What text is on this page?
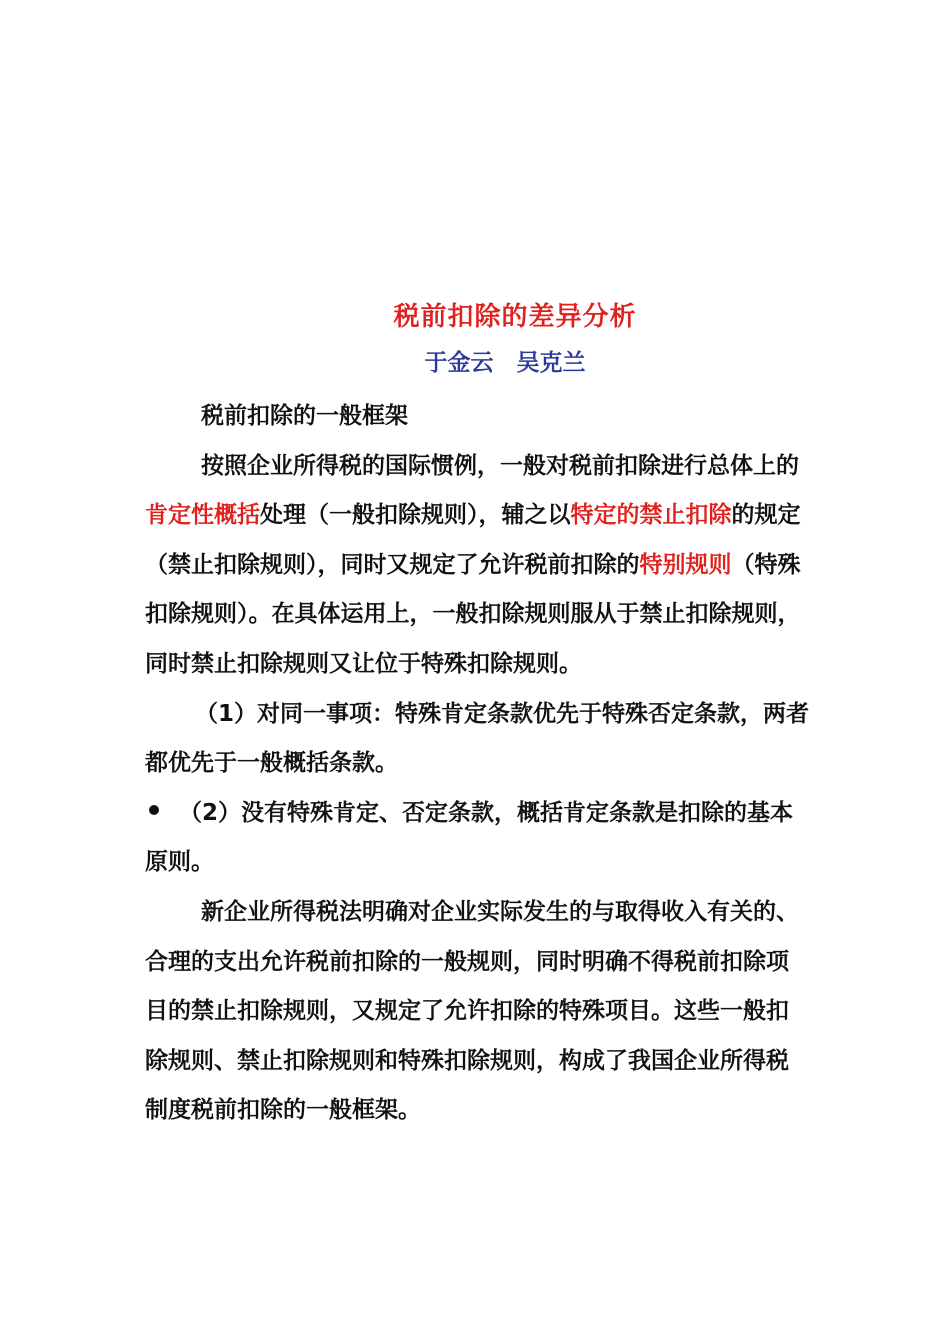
税前扣除的差异分析
于金云　吴克兰

税前扣除的一般框架

按照企业所得税的国际惯例，一般对税前扣除进行总体上的肯定性概括处理（一般扣除规则），辅之以特定的禁止扣除的规定（禁止扣除规则），同时又规定了允许税前扣除的特别规则（特殊扣除规则）。在具体运用上，一般扣除规则服从于禁止扣除规则，同时禁止扣除规则又让位于特殊扣除规则。

（1）对同一事项：特殊肯定条款优先于特殊否定条款，两者都优先于一般概括条款。

（2）没有特殊肯定、否定条款，概括肯定条款是扣除的基本原则。

新企业所得税法明确对企业实际发生的与取得收入有关的、合理的支出允许税前扣除的一般规则，同时明确不得税前扣除项目的禁止扣除规则，又规定了允许扣除的特殊项目。这些一般扣除规则、禁止扣除规则和特殊扣除规则，构成了我国企业所得税制度税前扣除的一般框架。
